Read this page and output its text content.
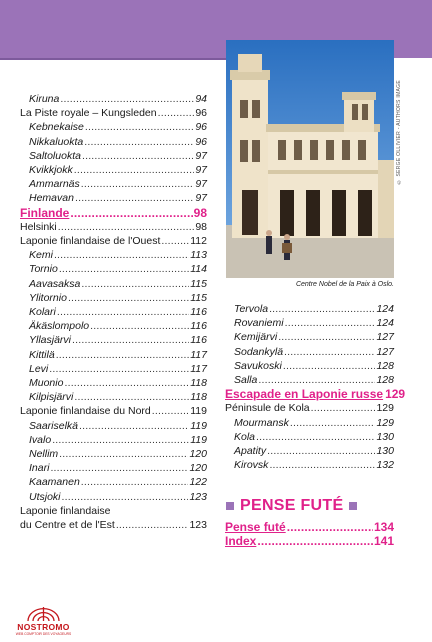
Kiruna .....	94
La Piste royale – Kungsleden .....	96
Kebnekaise .....	96
Nikkaluokta .....	96
Saltoluokta .....	97
Kvikkjokk .....	97
Ammarnäs .....	97
Hemavan .....	97
Finlande .....	98
Helsinki .....	98
Laponie finlandaise de l'Ouest .....	112
Kemi .....	113
Tornio .....	114
Aavasaksa .....	115
Ylitornio .....	115
Kolari .....	116
Äkäslompolo .....	116
Yllasjärvi .....	116
Kittilä .....	117
Levi .....	117
Muonio .....	118
Kilpisjärvi .....	118
Laponie finlandaise du Nord .....	119
Saariselkä .....	119
Ivalo .....	119
Nellim .....	120
Inari .....	120
Kaamanen .....	122
Utsjoki .....	123
Laponie finlandaise
du Centre et de l'Est .....	123
© SERGE OLLIVIER - AUTHORS IMAGE
Centre Nobel de la Paix à Oslo.
Tervola .....	124
Rovaniemi .....	124
Kemijärvi .....	127
Sodankylä .....	127
Savukoski .....	128
Salla .....	128
Escapade en Laponie russe 129
Péninsule de Kola .....	129
Mourmansk .....	129
Kola .....	130
Apatity .....	130
Kirovsk .....	132
PENSE FUTÉ
Pense futé .....	134
Index .....	141
NOSTROMO
WEB COMPTOIR DES VOYAGEURS
